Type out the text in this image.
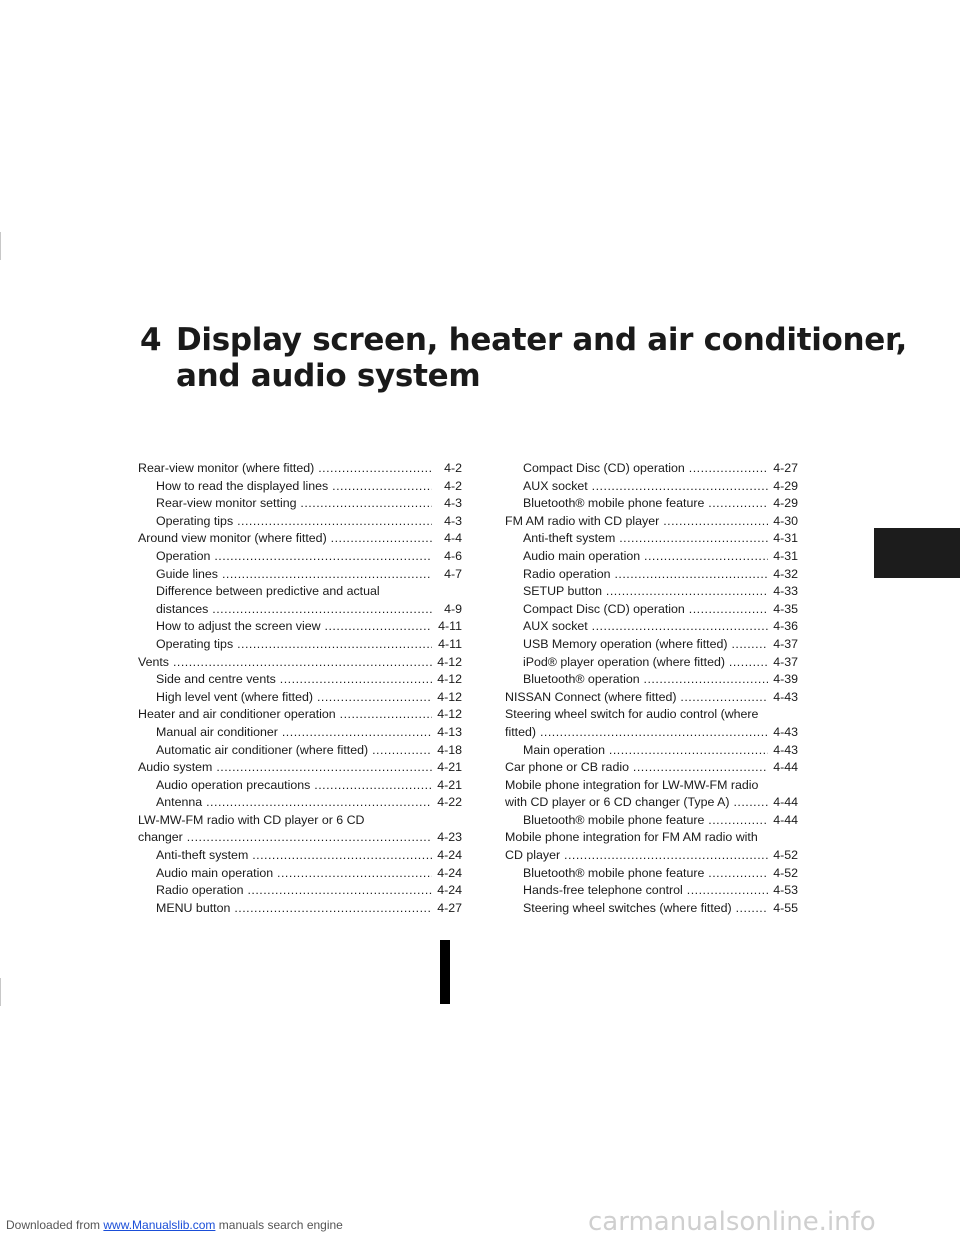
4 Display screen, heater and air conditioner,
and audio system
Rear-view monitor (where fitted) .....	4-2
How to read the displayed lines .....	4-2
Rear-view monitor setting .....	4-3
Operating tips .....	4-3
Around view monitor (where fitted) .....	4-4
Operation .....	4-6
Guide lines .....	4-7
Difference between predictive and actual
distances .....	4-9
How to adjust the screen view .....	4-11
Operating tips .....	4-11
Vents .....	4-12
Side and centre vents .....	4-12
High level vent (where fitted) .....	4-12
Heater and air conditioner operation .....	4-12
Manual air conditioner .....	4-13
Automatic air conditioner (where fitted) .....	4-18
Audio system .....	4-21
Audio operation precautions .....	4-21
Antenna .....	4-22
LW-MW-FM radio with CD player or 6 CD
changer .....	4-23
Anti-theft system .....	4-24
Audio main operation .....	4-24
Radio operation .....	4-24
MENU button .....	4-27
Compact Disc (CD) operation .....	4-27
AUX socket .....	4-29
Bluetooth® mobile phone feature .....	4-29
FM AM radio with CD player .....	4-30
Anti-theft system .....	4-31
Audio main operation .....	4-31
Radio operation .....	4-32
SETUP button .....	4-33
Compact Disc (CD) operation .....	4-35
AUX socket .....	4-36
USB Memory operation (where fitted) .....	4-37
iPod® player operation (where fitted) .....	4-37
Bluetooth® operation .....	4-39
NISSAN Connect (where fitted) .....	4-43
Steering wheel switch for audio control (where
fitted) .....	4-43
Main operation .....	4-43
Car phone or CB radio .....	4-44
Mobile phone integration for LW-MW-FM radio
with CD player or 6 CD changer (Type A) .....	4-44
Bluetooth® mobile phone feature .....	4-44
Mobile phone integration for FM AM radio with
CD player .....	4-52
Bluetooth® mobile phone feature .....	4-52
Hands-free telephone control .....	4-53
Steering wheel switches (where fitted) .....	4-55
Downloaded from www.Manualslib.com manuals search engine	carmanualsonline.info
